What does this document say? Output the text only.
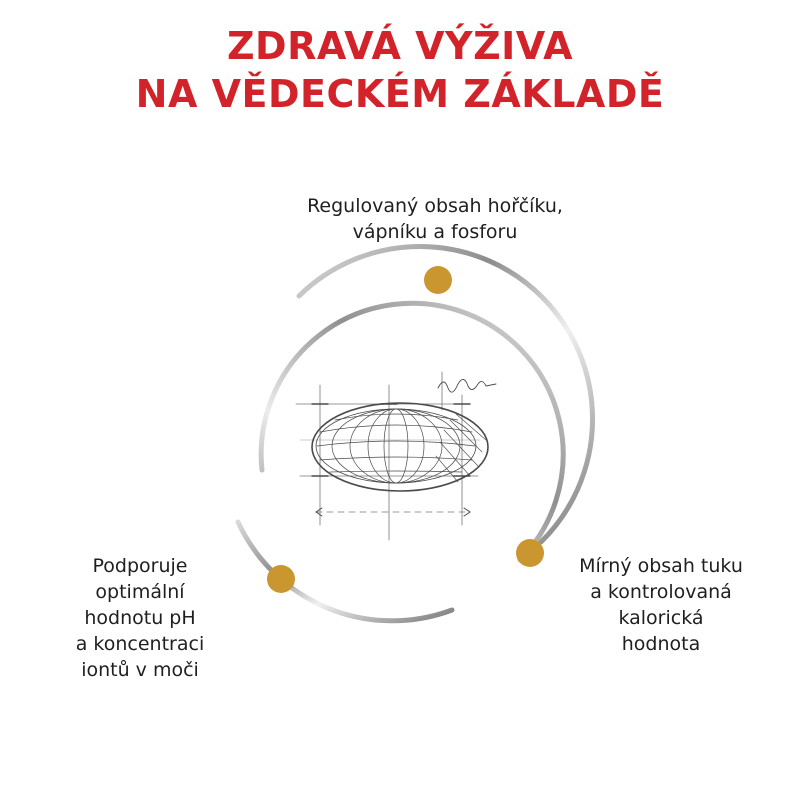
ZDRAVÁ VÝŽIVA
NA VĚDECKÉM ZÁKLADĚ
Regulovaný obsah hořčíku,
vápníku a fosforu
Podporuje
optimální
hodnotu pH
a koncentraci
iontů v moči
Mírný obsah tuku
a kontrolovaná
kalorická
hodnota
